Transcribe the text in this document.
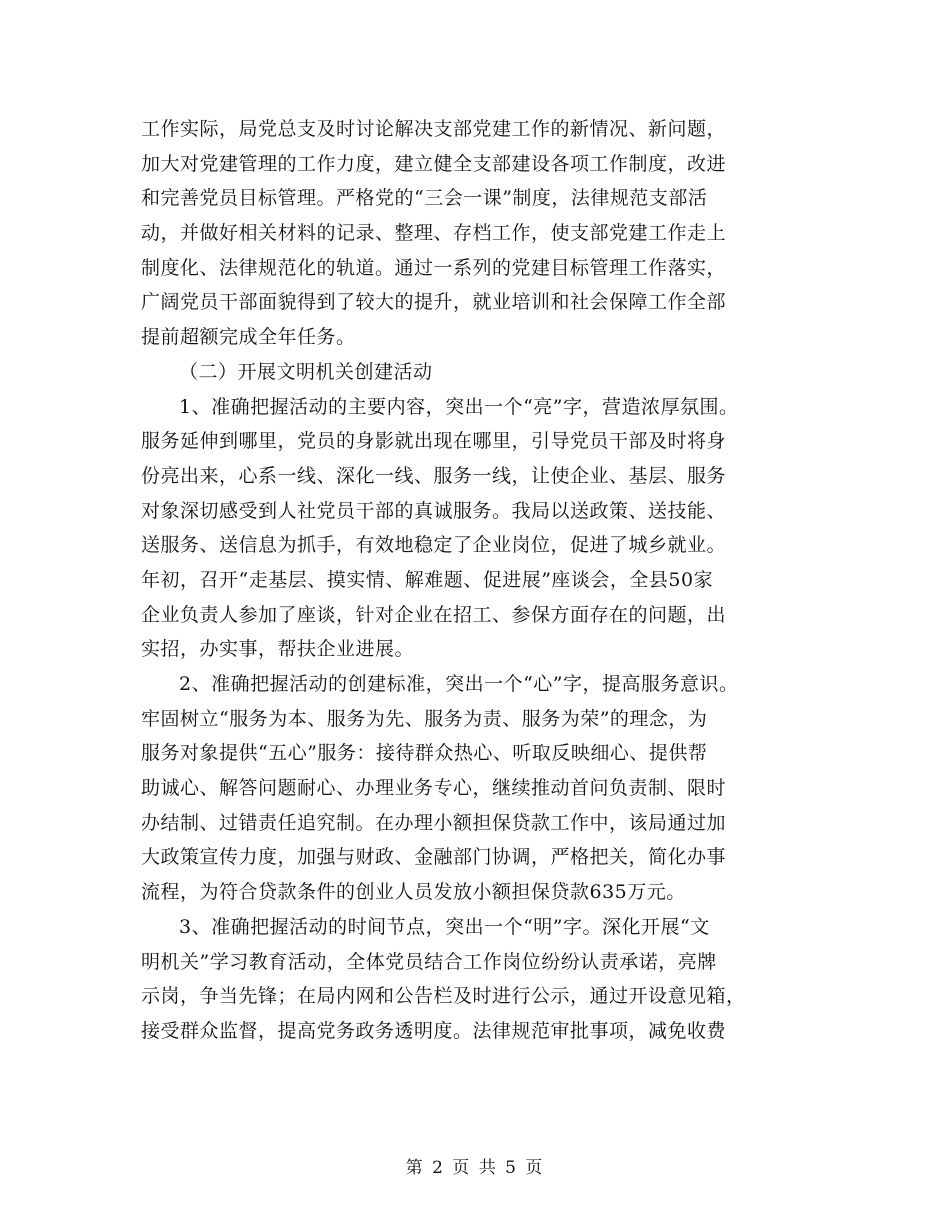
工作实际，局党总支及时讨论解决支部党建工作的新情况、新问题，
加大对党建管理的工作力度，建立健全支部建设各项工作制度，改进
和完善党员目标管理。严格党的“三会一课”制度，法律规范支部活
动，并做好相关材料的记录、整理、存档工作，使支部党建工作走上
制度化、法律规范化的轨道。通过一系列的党建目标管理工作落实，
广阔党员干部面貌得到了较大的提升，就业培训和社会保障工作全部
提前超额完成全年任务。
（二）开展文明机关创建活动
1、准确把握活动的主要内容，突出一个“亮”字，营造浓厚氛围。
服务延伸到哪里，党员的身影就出现在哪里，引导党员干部及时将身
份亮出来，心系一线、深化一线、服务一线，让使企业、基层、服务
对象深切感受到人社党员干部的真诚服务。我局以送政策、送技能、
送服务、送信息为抓手，有效地稳定了企业岗位，促进了城乡就业。
年初，召开“走基层、摸实情、解难题、促进展”座谈会，全县50家
企业负责人参加了座谈，针对企业在招工、参保方面存在的问题，出
实招，办实事，帮扶企业进展。
2、准确把握活动的创建标准，突出一个“心”字，提高服务意识。
牢固树立“服务为本、服务为先、服务为责、服务为荣”的理念，为
服务对象提供“五心”服务：接待群众热心、听取反映细心、提供帮
助诚心、解答问题耐心、办理业务专心，继续推动首问负责制、限时
办结制、过错责任追究制。在办理小额担保贷款工作中，该局通过加
大政策宣传力度，加强与财政、金融部门协调，严格把关，简化办事
流程，为符合贷款条件的创业人员发放小额担保贷款635万元。
3、准确把握活动的时间节点，突出一个“明”字。深化开展“文
明机关”学习教育活动，全体党员结合工作岗位纷纷认责承诺，亮牌
示岗，争当先锋；在局内网和公告栏及时进行公示，通过开设意见箱，
接受群众监督，提高党务政务透明度。法律规范审批事项，减免收费
第 2 页 共 5 页
